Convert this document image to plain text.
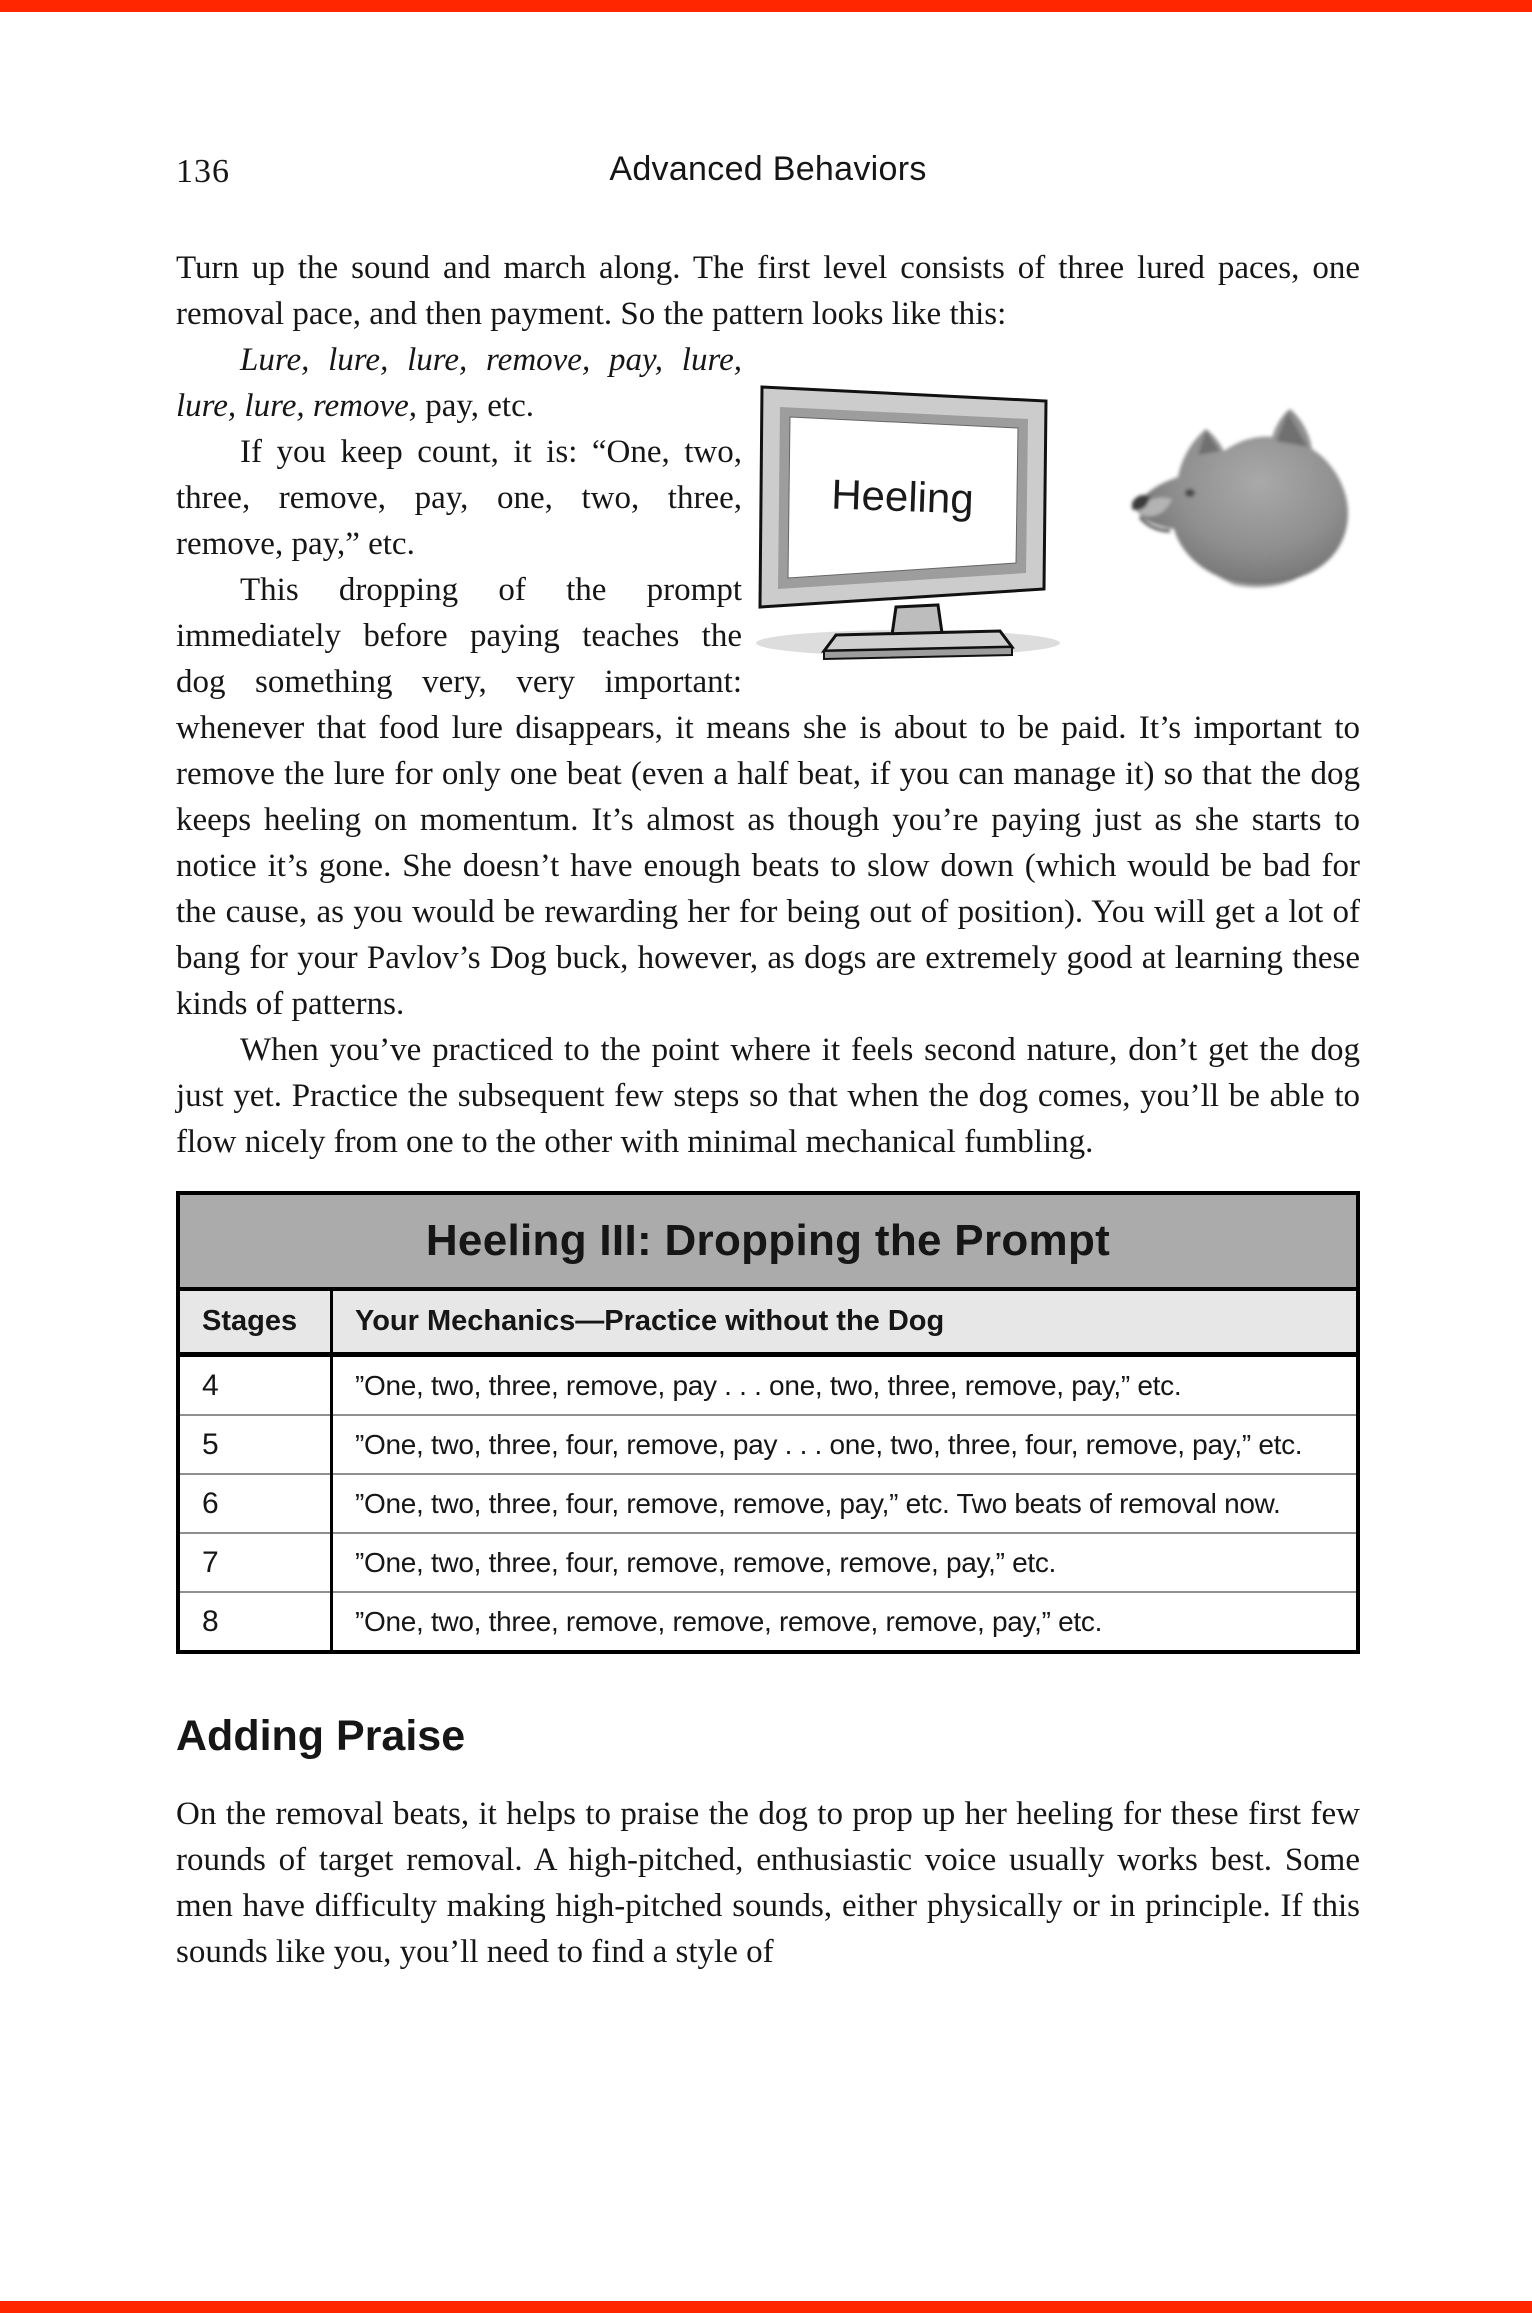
136	Advanced Behaviors

Turn up the sound and march along. The first level consists of three lured paces, one removal pace, and then payment. So the pattern looks like this:

Heeling

Lure, lure, lure, remove, pay, lure, lure, lure, remove, pay, etc.

If you keep count, it is: “One, two, three, remove, pay, one, two, three, remove, pay,” etc.

This dropping of the prompt immediately before paying teaches the dog something very, very important: whenever that food lure disappears, it means she is about to be paid. It’s important to remove the lure for only one beat (even a half beat, if you can manage it) so that the dog keeps heeling on momentum. It’s almost as though you’re paying just as she starts to notice it’s gone. She doesn’t have enough beats to slow down (which would be bad for the cause, as you would be rewarding her for being out of position). You will get a lot of bang for your Pavlov’s Dog buck, however, as dogs are extremely good at learning these kinds of patterns.

When you’ve practiced to the point where it feels second nature, don’t get the dog just yet. Practice the subsequent few steps so that when the dog comes, you’ll be able to flow nicely from one to the other with minimal mechanical fumbling.

Heeling III: Dropping the Prompt	
Stages	Your Mechanics—Practice without the Dog
4	”One, two, three, remove, pay . . . one, two, three, remove, pay,” etc.
5	”One, two, three, four, remove, pay . . . one, two, three, four, remove, pay,” etc.
6	”One, two, three, four, remove, remove, pay,” etc. Two beats of removal now.
7	”One, two, three, four, remove, remove, remove, pay,” etc.
8	”One, two, three, remove, remove, remove, remove, pay,” etc.
Adding Praise

On the removal beats, it helps to praise the dog to prop up her heeling for these first few rounds of target removal. A high-pitched, enthusiastic voice usually works best. Some men have difficulty making high-pitched sounds, either physically or in principle. If this sounds like you, you’ll need to find a style of
